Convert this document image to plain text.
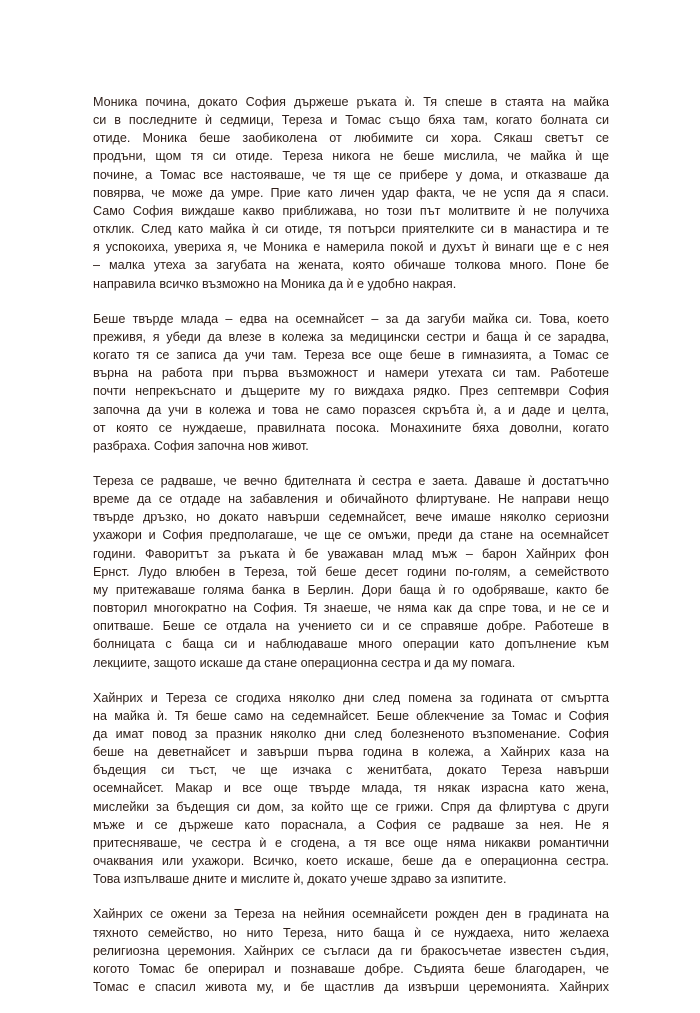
Моника почина, докато София държеше ръката ѝ. Тя спеше в стаята на майка
си в последните ѝ седмици, Тереза и Томас също бяха там, когато болната си
отиде. Моника беше заобиколена от любимите си хора. Сякаш светът се
продъни, щом тя си отиде. Тереза никога не беше мислила, че майка ѝ ще
почине, а Томас все настояваше, че тя ще се прибере у дома, и отказваше да
повярва, че може да умре. Прие като личен удар факта, че не успя да я спаси.
Само София виждаше какво приближава, но този път молитвите ѝ не получиха
отклик. След като майка ѝ си отиде, тя потърси приятелките си в манастира и те
я успокоиха, увериха я, че Моника е намерила покой и духът ѝ винаги ще е с нея
– малка утеха за загубата на жената, която обичаше толкова много. Поне бе
направила всичко възможно на Моника да ѝ е удобно накрая.
Беше твърде млада – едва на осемнайсет – за да загуби майка си. Това, което
преживя, я убеди да влезе в колежа за медицински сестри и баща ѝ се зарадва,
когато тя се записа да учи там. Тереза все още беше в гимназията, а Томас се
върна на работа при първа възможност и намери утехата си там. Работеше
почти непрекъснато и дъщерите му го виждаха рядко. През септември София
започна да учи в колежа и това не само поразсея скръбта ѝ, а и даде и целта,
от която се нуждаеше, правилната посока. Монахините бяха доволни, когато
разбраха. София започна нов живот.
Тереза се радваше, че вечно бдителната ѝ сестра е заета. Даваше ѝ достатъчно
време да се отдаде на забавления и обичайното флиртуване. Не направи нещо
твърде дръзко, но докато навърши седемнайсет, вече имаше няколко сериозни
ухажори и София предполагаше, че ще се омъжи, преди да стане на осемнайсет
години. Фаворитът за ръката ѝ бе уважаван млад мъж – барон Хайнрих фон
Ернст. Лудо влюбен в Тереза, той беше десет години по-голям, а семейството
му притежаваше голяма банка в Берлин. Дори баща ѝ го одобряваше, както бе
повторил многократно на София. Тя знаеше, че няма как да спре това, и не се и
опитваше. Беше се отдала на учението си и се справяше добре. Работеше в
болницата с баща си и наблюдаваше много операции като допълнение към
лекциите, защото искаше да стане операционна сестра и да му помага.
Хайнрих и Тереза се сгодиха няколко дни след помена за годината от смъртта
на майка ѝ. Тя беше само на седемнайсет. Беше облекчение за Томас и София
да имат повод за празник няколко дни след болезненото възпоменание. София
беше на деветнайсет и завърши първа година в колежа, а Хайнрих каза на
бъдещия си тъст, че ще изчака с женитбата, докато Тереза навърши
осемнайсет. Макар и все още твърде млада, тя някак израсна като жена,
мислейки за бъдещия си дом, за който ще се грижи. Спря да флиртува с други
мъже и се държеше като порасналa, а София се радваше за нея. Не я
притесняваше, че сестра ѝ е сгодена, а тя все още няма никакви романтични
очаквания или ухажори. Всичко, което искаше, беше да е операционна сестра.
Това изпълваше дните и мислите ѝ, докато учеше здраво за изпитите.
Хайнрих се ожени за Тереза на нейния осемнайсети рожден ден в градината на
тяхното семейство, но нито Тереза, нито баща ѝ се нуждаеха, нито желаеха
религиозна церемония. Хайнрих се съгласи да ги бракосъчетае известен съдия,
когото Томас бе оперирал и познаваше добре. Съдията беше благодарен, че
Томас е спасил живота му, и бе щастлив да извърши церемонията. Хайнрих
